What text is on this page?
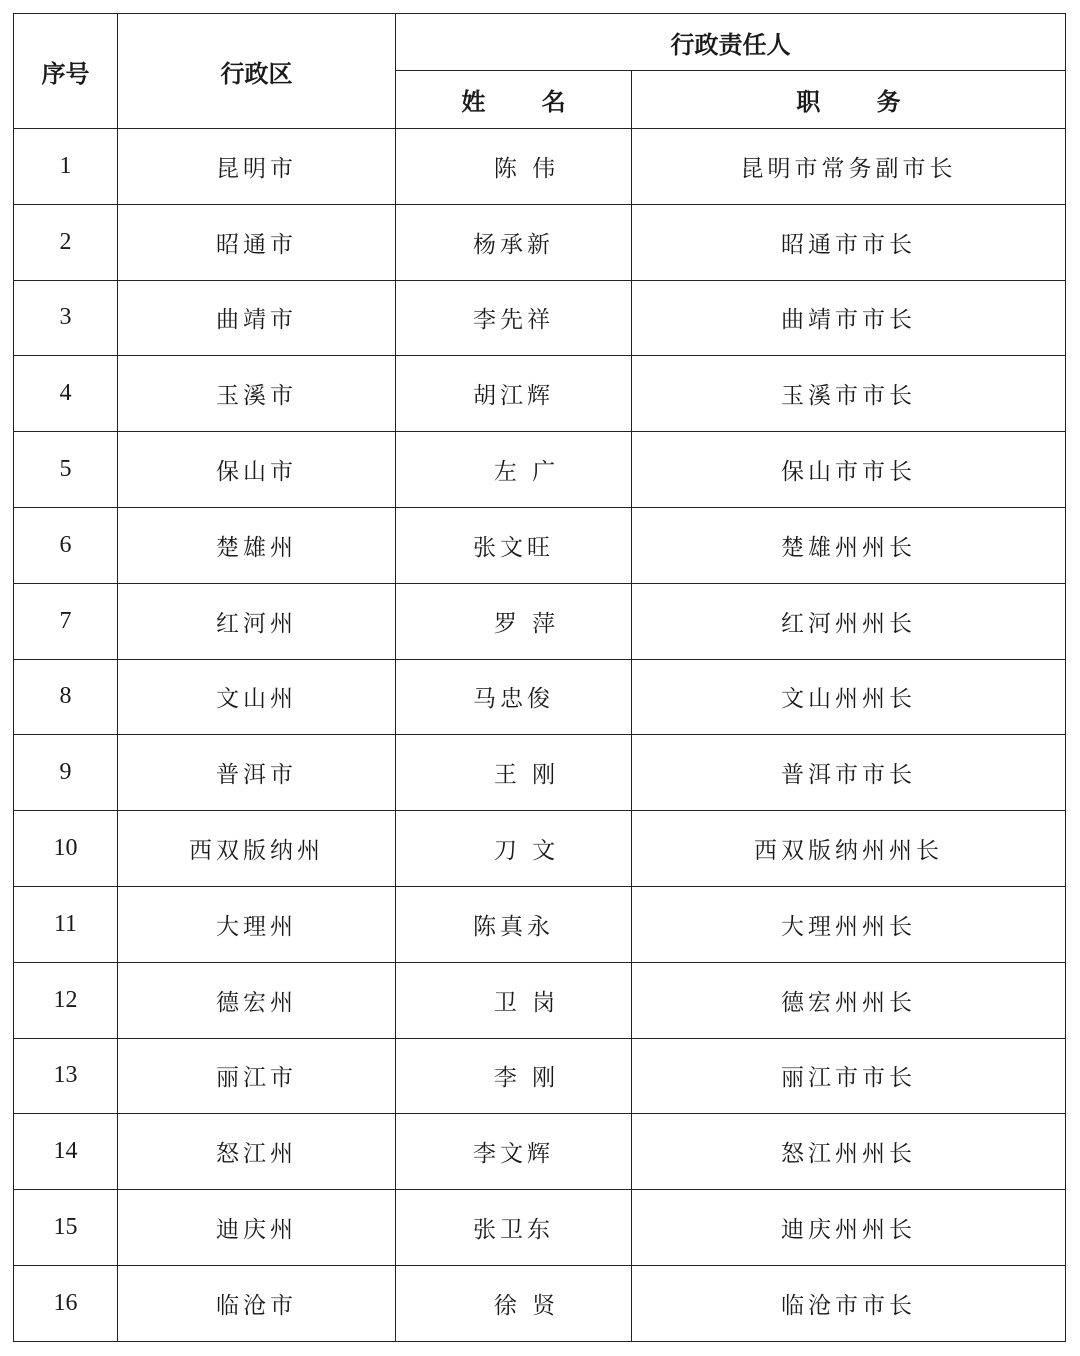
序号	行政区	行政责任人	
		姓 名	职 务
1	昆明市	陈 伟	昆明市常务副市长
2	昭通市	杨承新	昭通市市长
3	曲靖市	李先祥	曲靖市市长
4	玉溪市	胡江辉	玉溪市市长
5	保山市	左 广	保山市市长
6	楚雄州	张文旺	楚雄州州长
7	红河州	罗 萍	红河州州长
8	文山州	马忠俊	文山州州长
9	普洱市	王 刚	普洱市市长
10	西双版纳州	刀 文	西双版纳州州长
11	大理州	陈真永	大理州州长
12	德宏州	卫 岗	德宏州州长
13	丽江市	李 刚	丽江市市长
14	怒江州	李文辉	怒江州州长
15	迪庆州	张卫东	迪庆州州长
16	临沧市	徐 贤	临沧市市长
